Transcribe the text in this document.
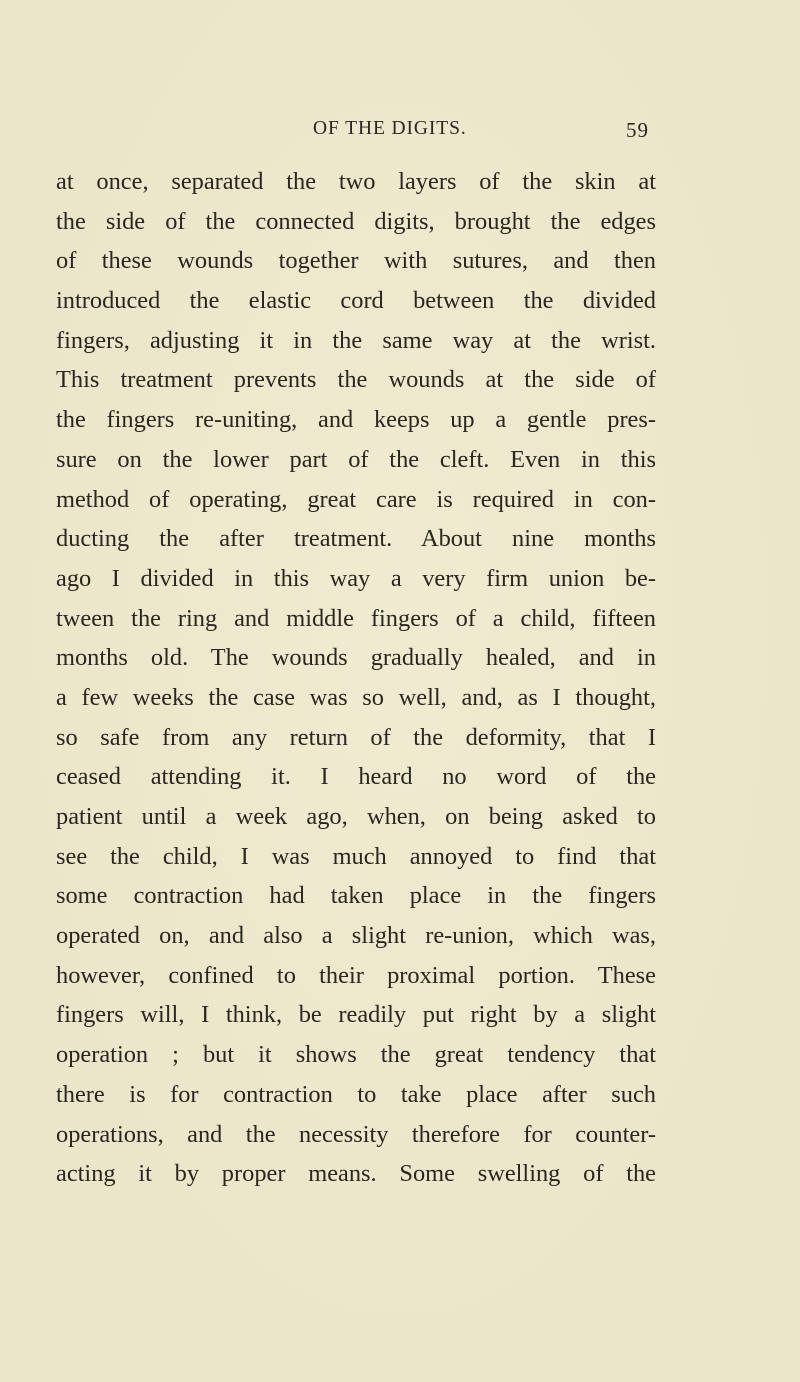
OF THE DIGITS.	59
at once, separated the two layers of the skin at
the side of the connected digits, brought the edges
of these wounds together with sutures, and then
introduced the elastic cord between the divided
fingers, adjusting it in the same way at the wrist.
This treatment prevents the wounds at the side of
the fingers re-uniting, and keeps up a gentle pres-
sure on the lower part of the cleft. Even in this
method of operating, great care is required in con-
ducting the after treatment. About nine months
ago I divided in this way a very firm union be-
tween the ring and middle fingers of a child, fifteen
months old. The wounds gradually healed, and in
a few weeks the case was so well, and, as I thought,
so safe from any return of the deformity, that I
ceased attending it. I heard no word of the
patient until a week ago, when, on being asked to
see the child, I was much annoyed to find that
some contraction had taken place in the fingers
operated on, and also a slight re-union, which was,
however, confined to their proximal portion. These
fingers will, I think, be readily put right by a slight
operation ; but it shows the great tendency that
there is for contraction to take place after such
operations, and the necessity therefore for counter-
acting it by proper means. Some swelling of the
